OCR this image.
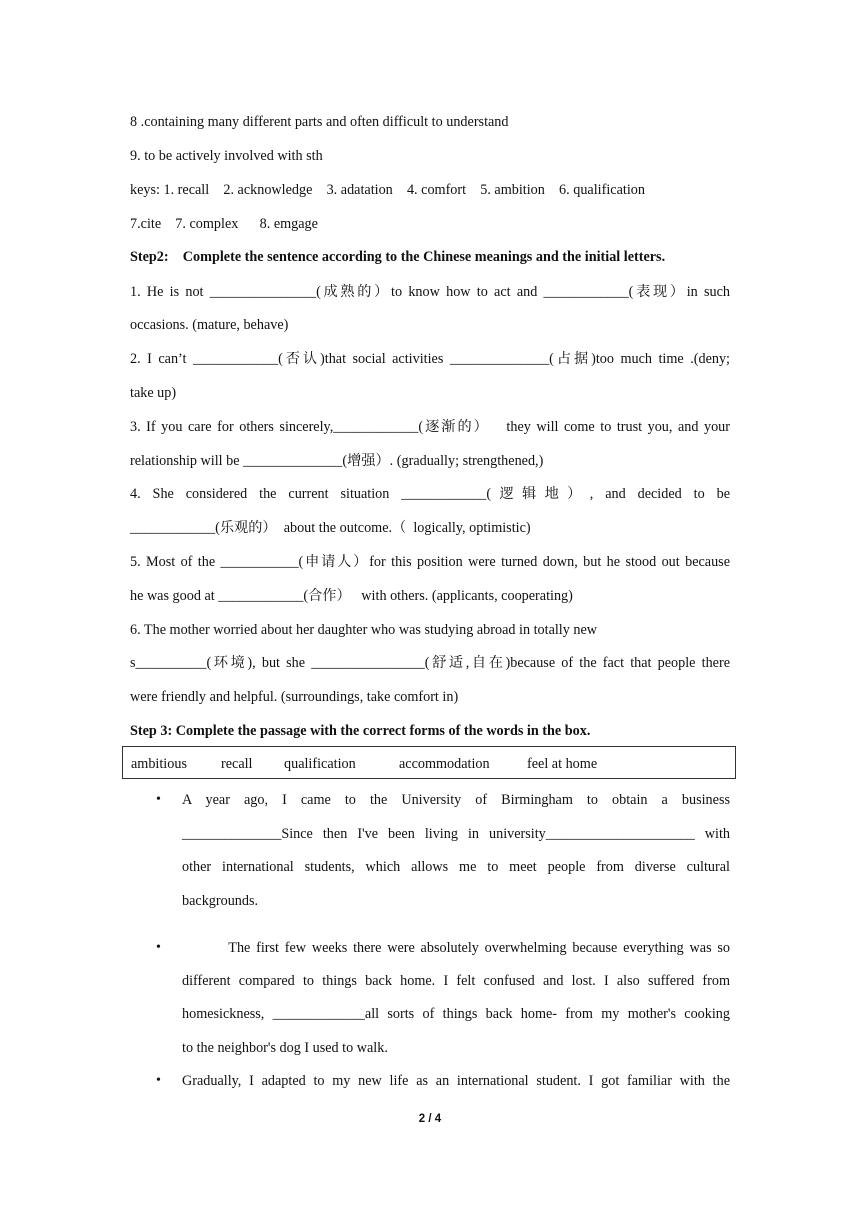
8 .containing many different parts and often difficult to understand
9. to be actively involved with sth
keys: 1. recall    2. acknowledge    3. adatation    4. comfort    5. ambition    6. qualification
7.cite    7. complex      8. emgage
Step2:    Complete the sentence according to the Chinese meanings and the initial letters.
1. He is not _______________(成熟的）to know how to act and ____________(表现）in such
occasions. (mature, behave)
2. I can’t ____________(否认)that social activities ______________(占据)too much time .(deny;
take up)
3. If you care for others sincerely,____________(逐渐的）   they will come to trust you, and your
relationship will be ______________(增强）. (gradually; strengthened,)
4. She considered the current situation ____________(逻辑地）, and decided to be
____________(乐观的）  about the outcome.（  logically, optimistic)
5. Most of the ___________(申请人）for this position were turned down, but he stood out because
he was good at ____________(合作）   with others. (applicants, cooperating)
6. The mother worried about her daughter who was studying abroad in totally new
s__________(环境), but she ________________(舒适,自在)because of the fact that people there
were friendly and helpful. (surroundings, take comfort in)
Step 3: Complete the passage with the correct forms of the words in the box.
ambitious recall qualification	accommodation	feel at home
• A year ago, I came to the University of Birmingham to obtain a business
______________Since then I've been living in university_____________________ with
other international students, which allows me to meet people from diverse cultural
backgrounds.
• The first few weeks there were absolutely overwhelming because everything was so
different compared to things back home. I felt confused and lost. I also suffered from
homesickness, _____________all sorts of things back home- from my mother's cooking
to the neighbor's dog I used to walk.
• Gradually, I adapted to my new life as an international student. I got familiar with the
2 / 4
